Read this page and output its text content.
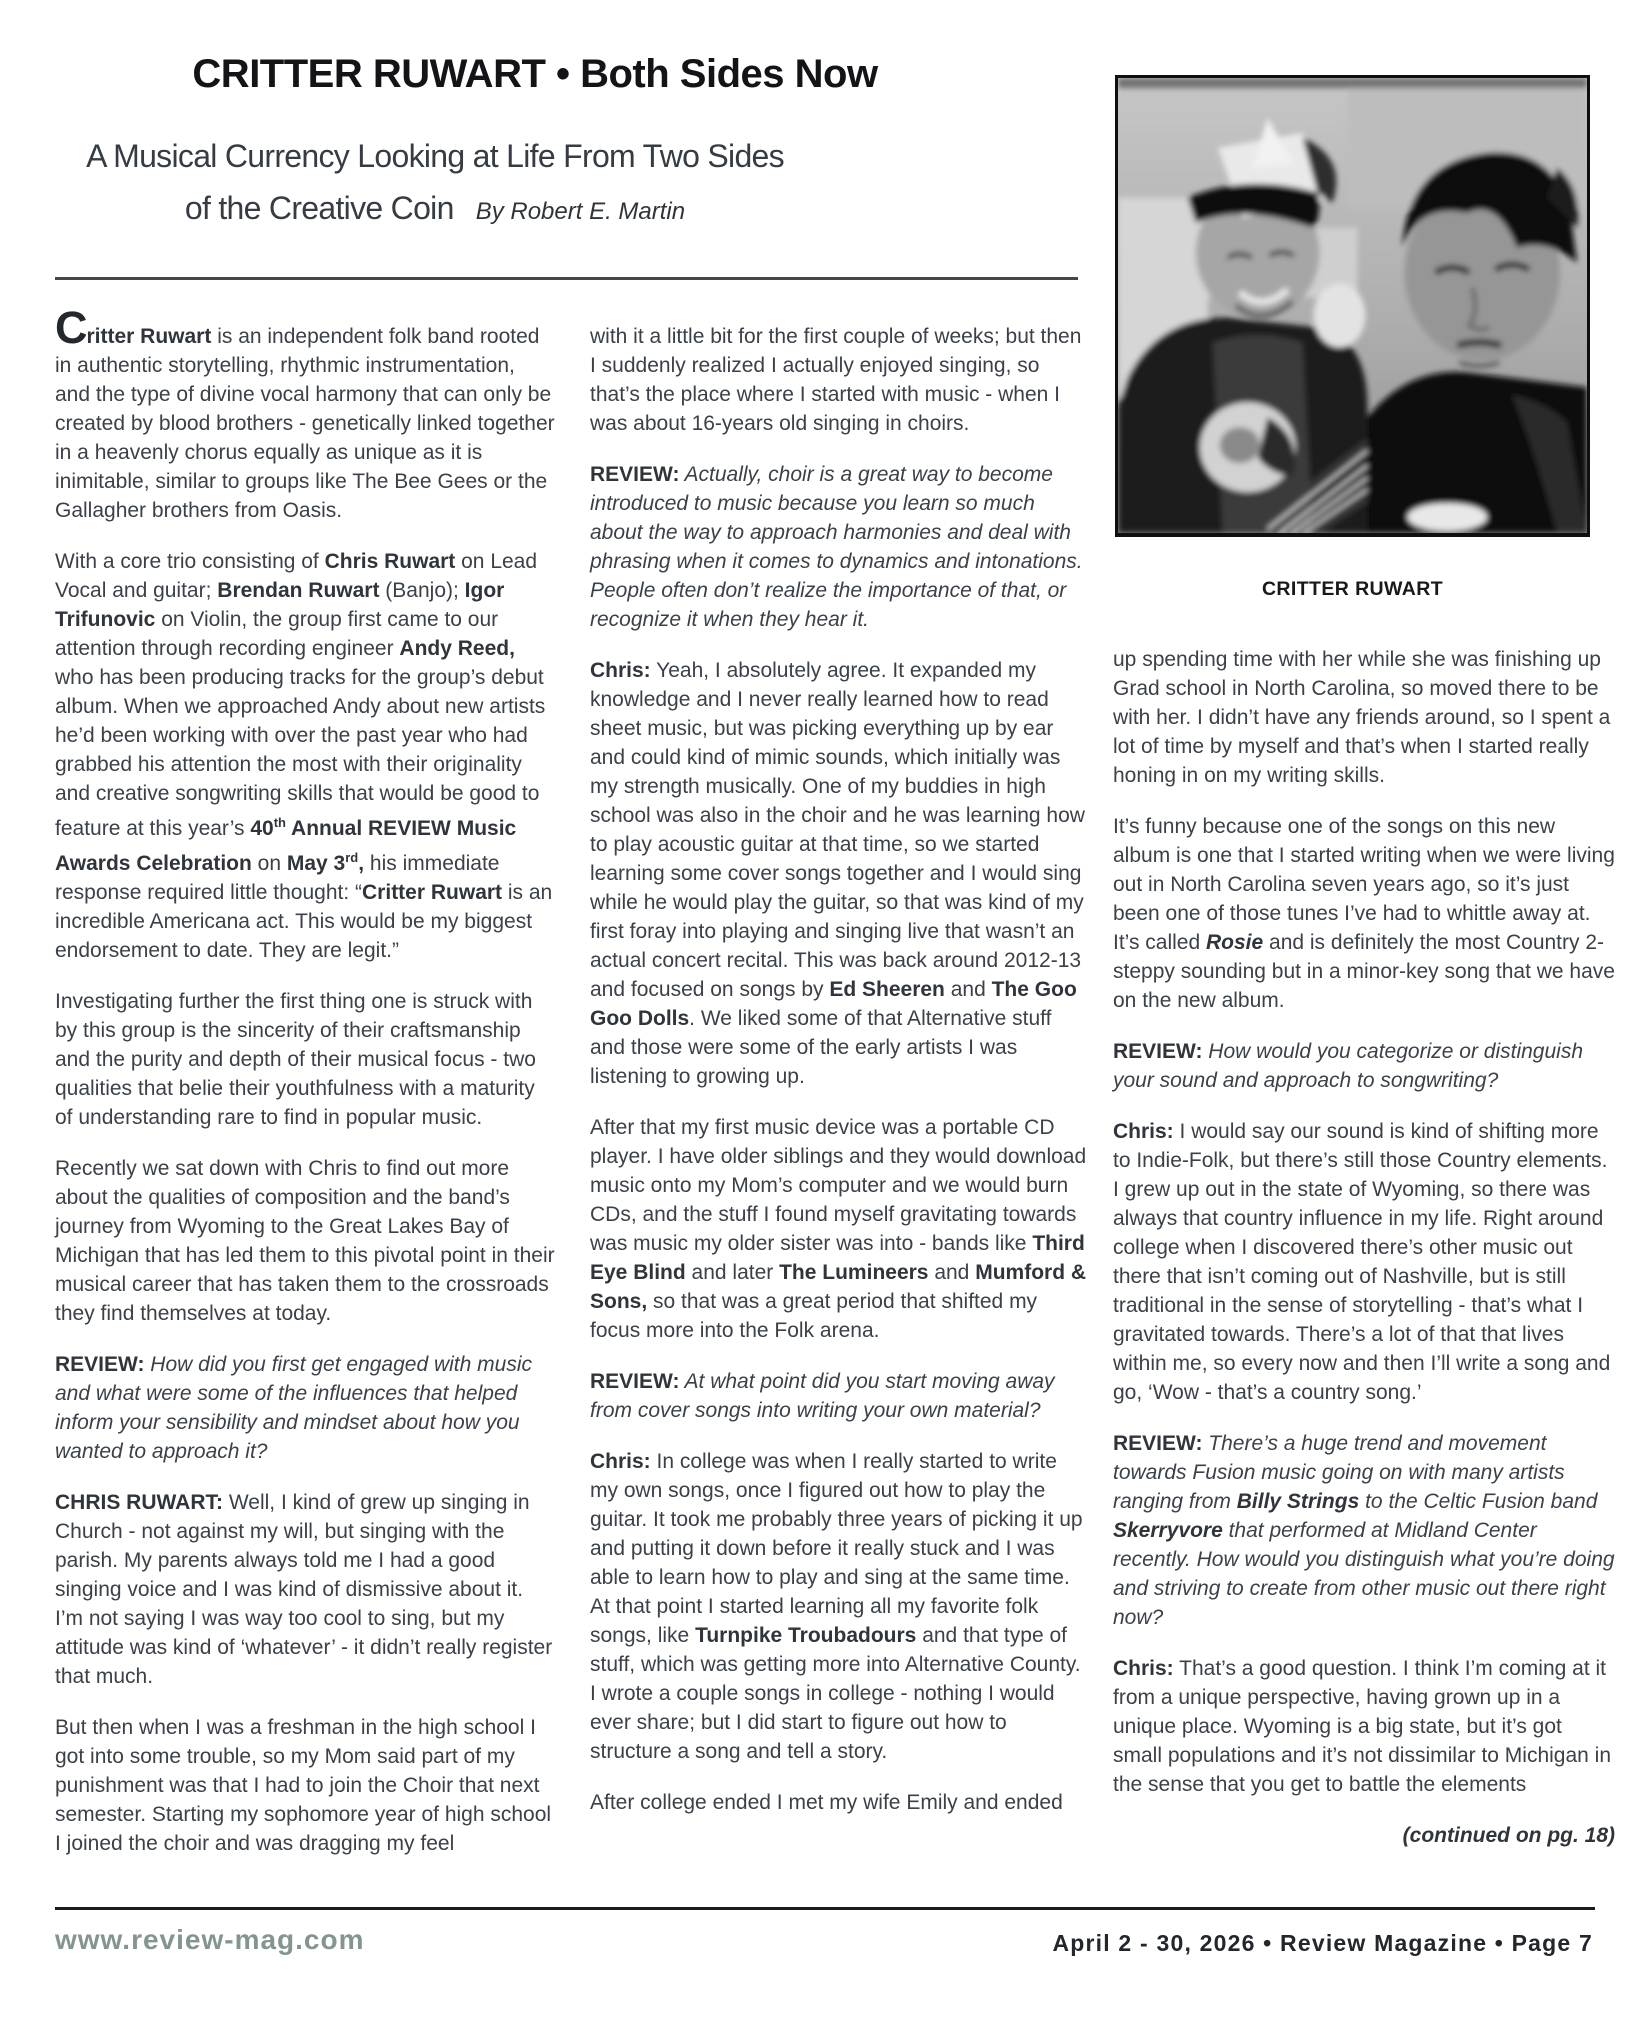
CRITTER RUWART • Both Sides Now
A Musical Currency Looking at Life From Two Sides
of the Creative Coin By Robert E. Martin
CRITTER RUWART

Critter Ruwart is an independent folk band rooted in authentic storytelling, rhythmic instrumentation, and the type of divine vocal harmony that can only be created by blood brothers - genetically linked together in a heavenly chorus equally as unique as it is inimitable, similar to groups like The Bee Gees or the Gallagher brothers from Oasis.

With a core trio consisting of Chris Ruwart on Lead Vocal and guitar; Brendan Ruwart (Banjo); Igor Trifunovic on Violin, the group first came to our attention through recording engineer Andy Reed, who has been producing tracks for the group’s debut album. When we approached Andy about new artists he’d been working with over the past year who had grabbed his attention the most with their originality and creative songwriting skills that would be good to feature at this year’s 40th Annual REVIEW Music Awards Celebration on May 3rd, his immediate response required little thought: “Critter Ruwart is an incredible Americana act. This would be my biggest endorsement to date. They are legit.”

Investigating further the first thing one is struck with by this group is the sincerity of their craftsmanship and the purity and depth of their musical focus - two qualities that belie their youthfulness with a maturity of understanding rare to find in popular music.

Recently we sat down with Chris to find out more about the qualities of composition and the band’s journey from Wyoming to the Great Lakes Bay of Michigan that has led them to this pivotal point in their musical career that has taken them to the crossroads they find themselves at today.

REVIEW: How did you first get engaged with music and what were some of the influences that helped inform your sensibility and mindset about how you wanted to approach it?

CHRIS RUWART: Well, I kind of grew up singing in Church - not against my will, but singing with the parish. My parents always told me I had a good singing voice and I was kind of dismissive about it. I’m not saying I was way too cool to sing, but my attitude was kind of ‘whatever’ - it didn’t really register that much.

But then when I was a freshman in the high school I got into some trouble, so my Mom said part of my punishment was that I had to join the Choir that next semester. Starting my sophomore year of high school I joined the choir and was dragging my feel

with it a little bit for the first couple of weeks; but then I suddenly realized I actually enjoyed singing, so that’s the place where I started with music - when I was about 16-years old singing in choirs.

REVIEW: Actually, choir is a great way to become introduced to music because you learn so much about the way to approach harmonies and deal with phrasing when it comes to dynamics and intonations. People often don’t realize the importance of that, or recognize it when they hear it.

Chris: Yeah, I absolutely agree. It expanded my knowledge and I never really learned how to read sheet music, but was picking everything up by ear and could kind of mimic sounds, which initially was my strength musically. One of my buddies in high school was also in the choir and he was learning how to play acoustic guitar at that time, so we started learning some cover songs together and I would sing while he would play the guitar, so that was kind of my first foray into playing and singing live that wasn’t an actual concert recital. This was back around 2012-13 and focused on songs by Ed Sheeren and The Goo Goo Dolls. We liked some of that Alternative stuff and those were some of the early artists I was listening to growing up.

After that my first music device was a portable CD player. I have older siblings and they would download music onto my Mom’s computer and we would burn CDs, and the stuff I found myself gravitating towards was music my older sister was into - bands like Third Eye Blind and later The Lumineers and Mumford & Sons, so that was a great period that shifted my focus more into the Folk arena.

REVIEW: At what point did you start moving away from cover songs into writing your own material?

Chris: In college was when I really started to write my own songs, once I figured out how to play the guitar. It took me probably three years of picking it up and putting it down before it really stuck and I was able to learn how to play and sing at the same time. At that point I started learning all my favorite folk songs, like Turnpike Troubadours and that type of stuff, which was getting more into Alternative County. I wrote a couple songs in college - nothing I would ever share; but I did start to figure out how to structure a song and tell a story.

After college ended I met my wife Emily and ended

up spending time with her while she was finishing up Grad school in North Carolina, so moved there to be with her. I didn’t have any friends around, so I spent a lot of time by myself and that’s when I started really honing in on my writing skills.

It’s funny because one of the songs on this new album is one that I started writing when we were living out in North Carolina seven years ago, so it’s just been one of those tunes I’ve had to whittle away at. It’s called Rosie and is definitely the most Country 2-steppy sounding but in a minor-key song that we have on the new album.

REVIEW: How would you categorize or distinguish your sound and approach to songwriting?

Chris: I would say our sound is kind of shifting more to Indie-Folk, but there’s still those Country elements. I grew up out in the state of Wyoming, so there was always that country influence in my life. Right around college when I discovered there’s other music out there that isn’t coming out of Nashville, but is still traditional in the sense of storytelling - that’s what I gravitated towards. There’s a lot of that that lives within me, so every now and then I’ll write a song and go, ‘Wow - that’s a country song.’

REVIEW: There’s a huge trend and movement towards Fusion music going on with many artists ranging from Billy Strings to the Celtic Fusion band Skerryvore that performed at Midland Center recently. How would you distinguish what you’re doing and striving to create from other music out there right now?

Chris: That’s a good question. I think I’m coming at it from a unique perspective, having grown up in a unique place. Wyoming is a big state, but it’s got small populations and it’s not dissimilar to Michigan in the sense that you get to battle the elements

(continued on pg. 18)

www.review-mag.com	April 2 - 30, 2026 • Review Magazine • Page 7
